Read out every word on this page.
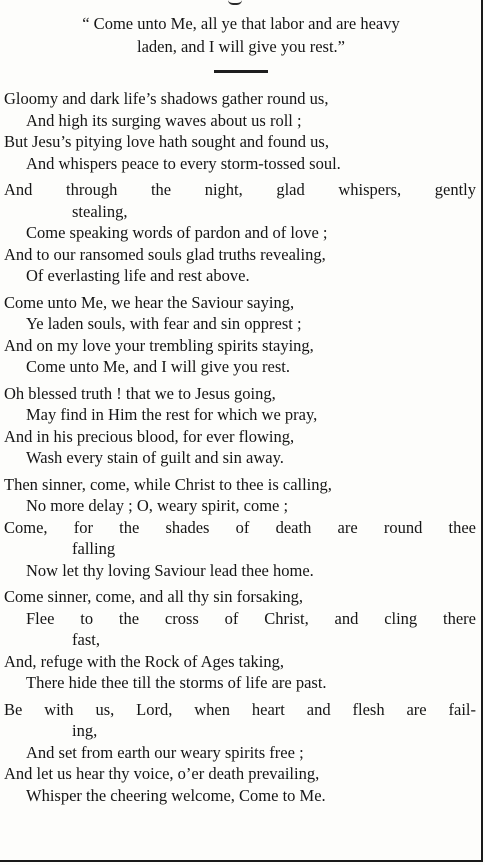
“ Come unto Me, all ye that labor and are heavy
laden, and I will give you rest.”
Gloomy and dark life’s shadows gather round us,
And high its surging waves about us roll ;
But Jesu’s pitying love hath sought and found us,
And whispers peace to every storm-tossed soul.
And through the night, glad whispers, gently
stealing,
Come speaking words of pardon and of love ;
And to our ransomed souls glad truths revealing,
Of everlasting life and rest above.
Come unto Me, we hear the Saviour saying,
Ye laden souls, with fear and sin opprest ;
And on my love your trembling spirits staying,
Come unto Me, and I will give you rest.
Oh blessed truth ! that we to Jesus going,
May find in Him the rest for which we pray,
And in his precious blood, for ever flowing,
Wash every stain of guilt and sin away.
Then sinner, come, while Christ to thee is calling,
No more delay ; O, weary spirit, come ;
Come, for the shades of death are round thee
falling
Now let thy loving Saviour lead thee home.
Come sinner, come, and all thy sin forsaking,
Flee to the cross of Christ, and cling there
fast,
And, refuge with the Rock of Ages taking,
There hide thee till the storms of life are past.
Be with us, Lord, when heart and flesh are fail-
ing,
And set from earth our weary spirits free ;
And let us hear thy voice, o’er death prevailing,
Whisper the cheering welcome, Come to Me.
